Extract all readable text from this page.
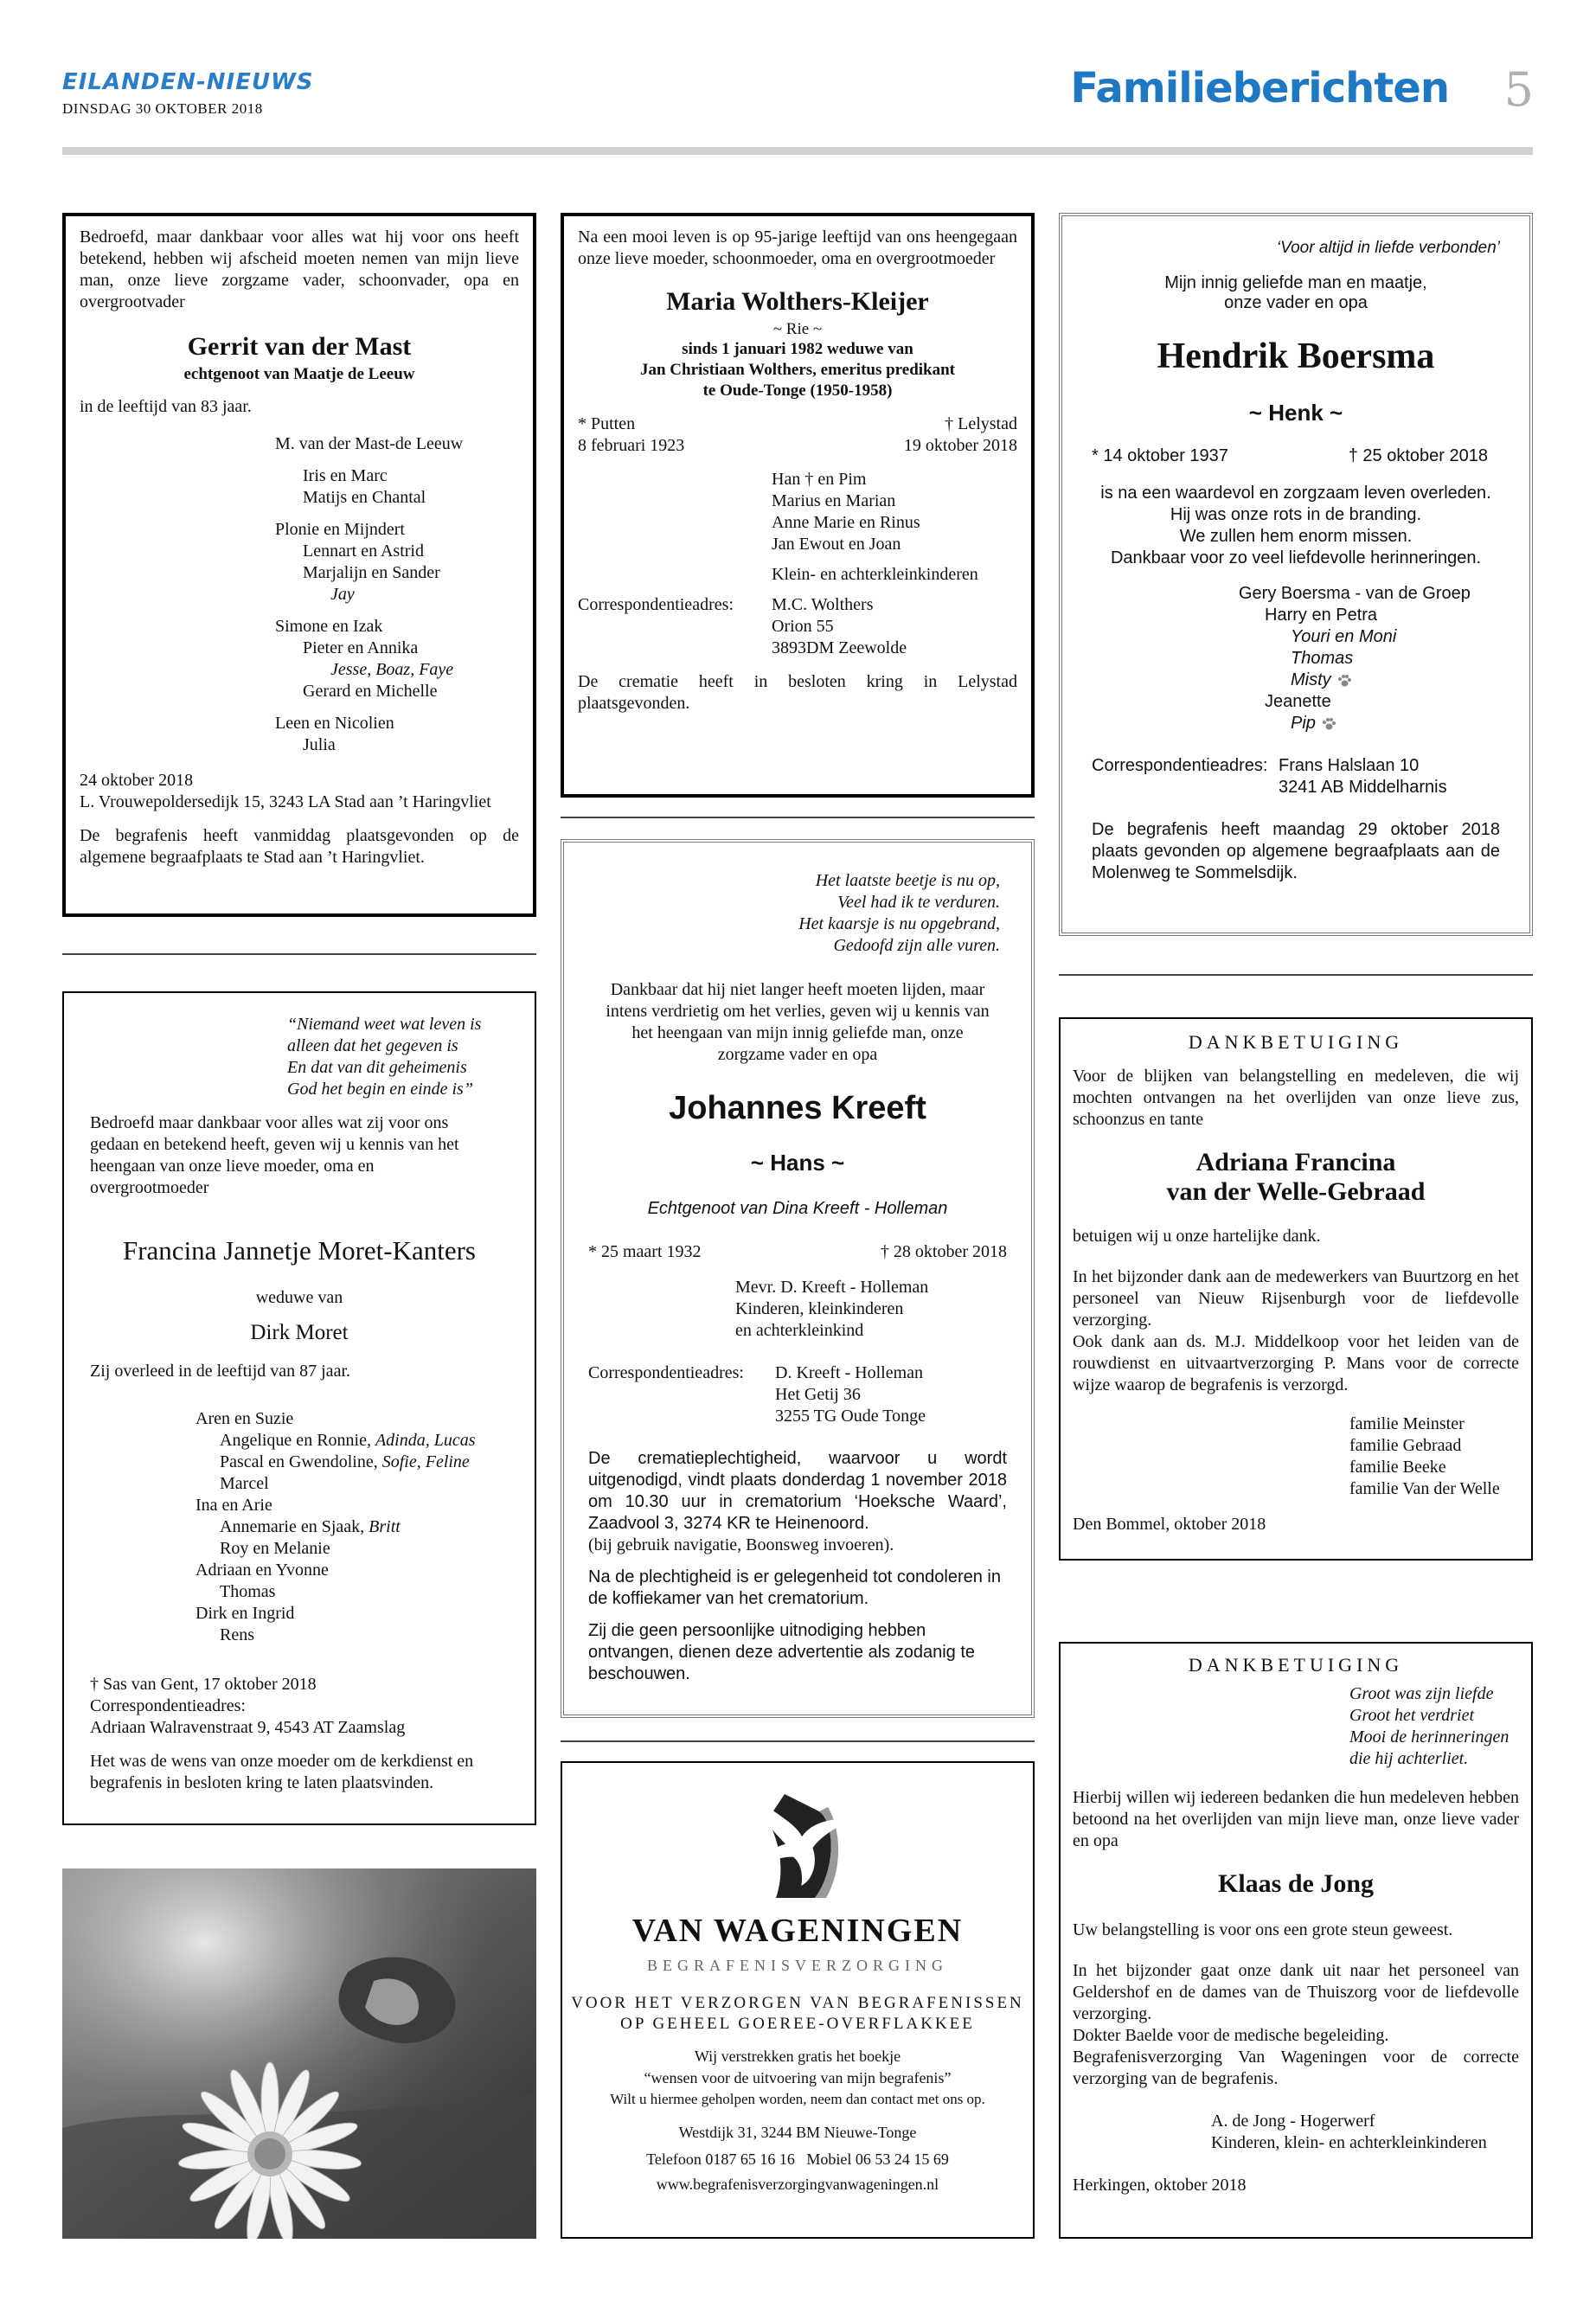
EILANDEN-NIEUWS
DINSDAG 30 OKTOBER 2018	Familieberichten 5

Bedroefd, maar dankbaar voor alles wat hij voor ons heeft betekend, hebben wij afscheid moeten nemen van mijn lieve man, onze lieve zorgzame vader, schoonvader, opa en overgrootvader

Gerrit van der Mast

echtgenoot van Maatje de Leeuw

in de leeftijd van 83 jaar.

M. van der Mast-de Leeuw
Iris en Marc
Matijs en Chantal
Plonie en Mijndert
Lennart en Astrid
Marjalijn en Sander
Jay
Simone en Izak
Pieter en Annika
Jesse, Boaz, Faye
Gerard en Michelle
Leen en Nicolien
Julia

24 oktober 2018

L. Vrouwepoldersedijk 15, 3243 LA Stad aan ’t Haringvliet

De begrafenis heeft vanmiddag plaatsgevonden op de algemene begraafplaats te Stad aan ’t Haringvliet.

“Niemand weet wat leven is
alleen dat het gegeven is
En dat van dit geheimenis
God het begin en einde is”

Bedroefd maar dankbaar voor alles wat zij voor ons gedaan en betekend heeft, geven wij u kennis van het heengaan van onze lieve moeder, oma en overgrootmoeder

Francina Jannetje Moret-Kanters

weduwe van

Dirk Moret

Zij overleed in de leeftijd van 87 jaar.

Aren en Suzie
Angelique en Ronnie, Adinda, Lucas
Pascal en Gwendoline, Sofie, Feline
Marcel
Ina en Arie
Annemarie en Sjaak, Britt
Roy en Melanie
Adriaan en Yvonne
Thomas
Dirk en Ingrid
Rens

† Sas van Gent, 17 oktober 2018

Correspondentieadres:

Adriaan Walravenstraat 9, 4543 AT Zaamslag

Het was de wens van onze moeder om de kerkdienst en begrafenis in besloten kring te laten plaatsvinden.

Na een mooi leven is op 95-jarige leeftijd van ons heengegaan onze lieve moeder, schoonmoeder, oma en overgrootmoeder

Maria Wolthers-Kleijer

~ Rie ~

sinds 1 januari 1982 weduwe van

Jan Christiaan Wolthers, emeritus predikant

te Oude-Tonge (1950-1958)

* Putten	† Lelystad
8 februari 1923	19 oktober 2018
Han † en Pim
Marius en Marian
Anne Marie en Rinus
Jan Ewout en Joan

Klein- en achterkleinkinderen

Correspondentieadres:	M.C. Wolthers
Orion 55
3893DM Zeewolde

De crematie heeft in besloten kring in Lelystad plaatsgevonden.

Het laatste beetje is nu op,
Veel had ik te verduren.
Het kaarsje is nu opgebrand,
Gedoofd zijn alle vuren.

Dankbaar dat hij niet langer heeft moeten lijden, maar intens verdrietig om het verlies, geven wij u kennis van het heengaan van mijn innig geliefde man, onze zorgzame vader en opa

Johannes Kreeft

~ Hans ~

Echtgenoot van Dina Kreeft - Holleman

* 25 maart 1932	† 28 oktober 2018
Mevr. D. Kreeft - Holleman
Kinderen, kleinkinderen
en achterkleinkind
Correspondentieadres:	D. Kreeft - Holleman
Het Getij 36
3255 TG Oude Tonge

De crematieplechtigheid, waarvoor u wordt uitgenodigd, vindt plaats donderdag 1 november 2018 om 10.30 uur in crematorium ‘Hoeksche Waard’, Zaadvool 3, 3274 KR te Heinenoord.

(bij gebruik navigatie, Boonsweg invoeren).

Na de plechtigheid is er gelegenheid tot condoleren in de koffiekamer van het crematorium.

Zij die geen persoonlijke uitnodiging hebben ontvangen, dienen deze advertentie als zodanig te beschouwen.

VAN WAGENINGEN

BEGRAFENISVERZORGING

VOOR HET VERZORGEN VAN BEGRAFENISSEN

OP GEHEEL GOEREE-OVERFLAKKEE

Wij verstrekken gratis het boekje

“wensen voor de uitvoering van mijn begrafenis”

Wilt u hiermee geholpen worden, neem dan contact met ons op.

Westdijk 31, 3244 BM Nieuwe-Tonge

Telefoon 0187 65 16 16   Mobiel 06 53 24 15 69

www.begrafenisverzorgingvanwageningen.nl

‘Voor altijd in liefde verbonden’

Mijn innig geliefde man en maatje,

onze vader en opa

Hendrik Boersma

~ Henk ~

* 14 oktober 1937	† 25 oktober 2018
is na een waardevol en zorgzaam leven overleden.
Hij was onze rots in de branding.
We zullen hem enorm missen.
Dankbaar voor zo veel liefdevolle herinneringen.
Gery Boersma - van de Groep
Harry en Petra
Youri en Moni
Thomas
Misty
Jeanette
Pip
Correspondentieadres: Frans Halslaan 10
3241 AB Middelharnis

De begrafenis heeft maandag 29 oktober 2018 plaats gevonden op algemene begraafplaats aan de Molenweg te Sommelsdijk.

DANKBETUIGING

Voor de blijken van belangstelling en medeleven, die wij mochten ontvangen na het overlijden van onze lieve zus, schoonzus en tante

Adriana Francina

van der Welle-Gebraad

betuigen wij u onze hartelijke dank.

In het bijzonder dank aan de medewerkers van Buurtzorg en het personeel van Nieuw Rijsenburgh voor de liefdevolle verzorging.

Ook dank aan ds. M.J. Middelkoop voor het leiden van de rouwdienst en uitvaartverzorging P. Mans voor de correcte wijze waarop de begrafenis is verzorgd.

familie Meinster
familie Gebraad
familie Beeke
familie Van der Welle

Den Bommel, oktober 2018

DANKBETUIGING

Groot was zijn liefde
Groot het verdriet
Mooi de herinneringen
die hij achterliet.

Hierbij willen wij iedereen bedanken die hun medeleven hebben betoond na het overlijden van mijn lieve man, onze lieve vader en opa

Klaas de Jong

Uw belangstelling is voor ons een grote steun geweest.

In het bijzonder gaat onze dank uit naar het personeel van Geldershof en de dames van de Thuiszorg voor de liefdevolle verzorging.

Dokter Baelde voor de medische begeleiding.

Begrafenisverzorging Van Wageningen voor de correcte verzorging van de begrafenis.

A. de Jong - Hogerwerf

Kinderen, klein- en achterkleinkinderen

Herkingen, oktober 2018
